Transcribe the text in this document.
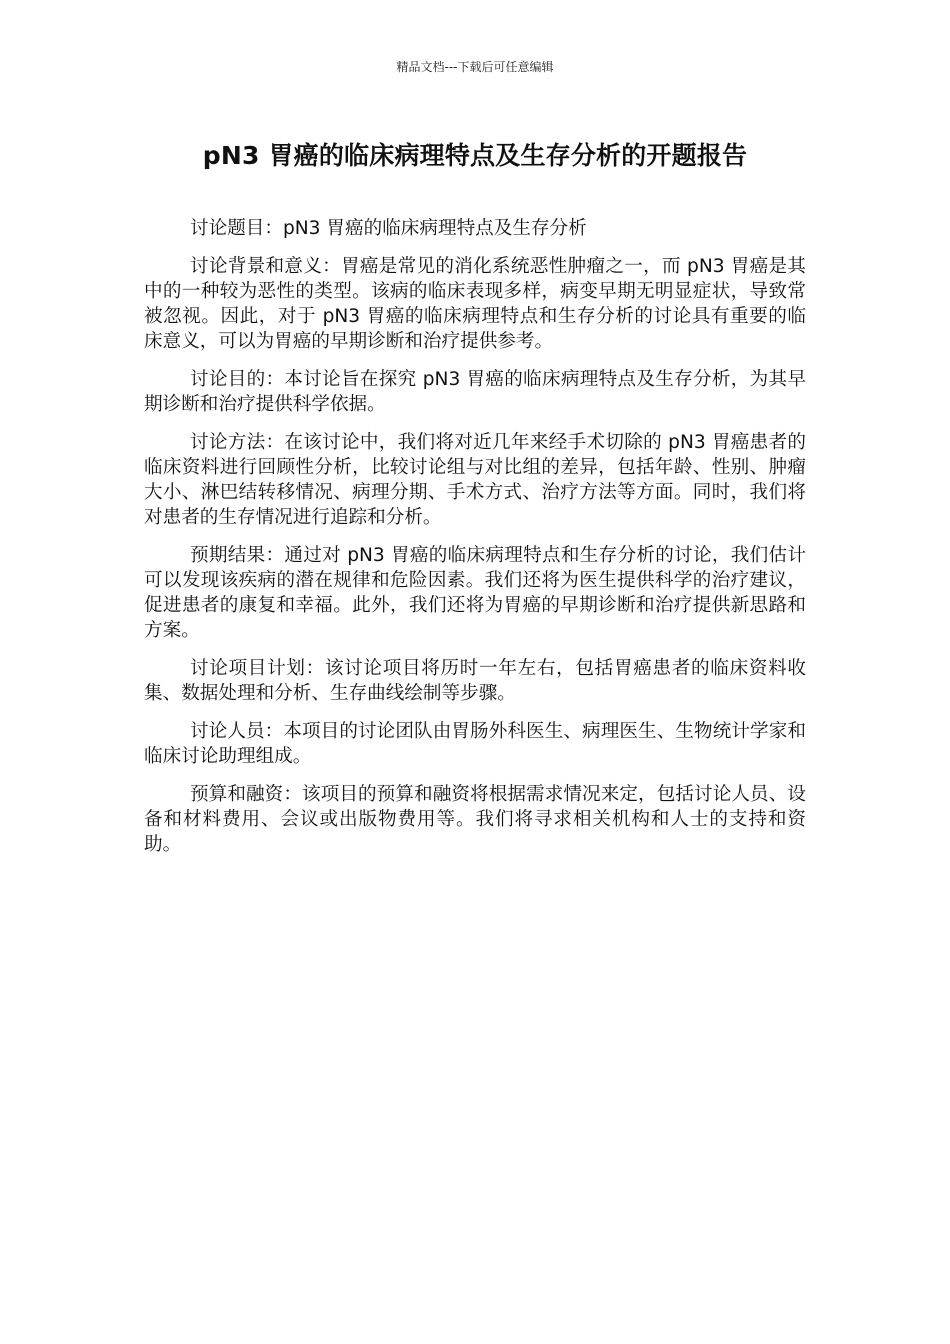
精品文档---下载后可任意编辑
pN3 胃癌的临床病理特点及生存分析的开题报告

讨论题目：pN3 胃癌的临床病理特点及生存分析

讨论背景和意义：胃癌是常见的消化系统恶性肿瘤之一，而 pN3 胃癌是其中的一种较为恶性的类型。该病的临床表现多样，病变早期无明显症状，导致常被忽视。因此，对于 pN3 胃癌的临床病理特点和生存分析的讨论具有重要的临床意义，可以为胃癌的早期诊断和治疗提供参考。

讨论目的：本讨论旨在探究 pN3 胃癌的临床病理特点及生存分析，为其早期诊断和治疗提供科学依据。

讨论方法：在该讨论中，我们将对近几年来经手术切除的 pN3 胃癌患者的临床资料进行回顾性分析，比较讨论组与对比组的差异，包括年龄、性别、肿瘤大小、淋巴结转移情况、病理分期、手术方式、治疗方法等方面。同时，我们将对患者的生存情况进行追踪和分析。

预期结果：通过对 pN3 胃癌的临床病理特点和生存分析的讨论，我们估计可以发现该疾病的潜在规律和危险因素。我们还将为医生提供科学的治疗建议，促进患者的康复和幸福。此外，我们还将为胃癌的早期诊断和治疗提供新思路和方案。

讨论项目计划：该讨论项目将历时一年左右，包括胃癌患者的临床资料收集、数据处理和分析、生存曲线绘制等步骤。

讨论人员：本项目的讨论团队由胃肠外科医生、病理医生、生物统计学家和临床讨论助理组成。

预算和融资：该项目的预算和融资将根据需求情况来定，包括讨论人员、设备和材料费用、会议或出版物费用等。我们将寻求相关机构和人士的支持和资助。
